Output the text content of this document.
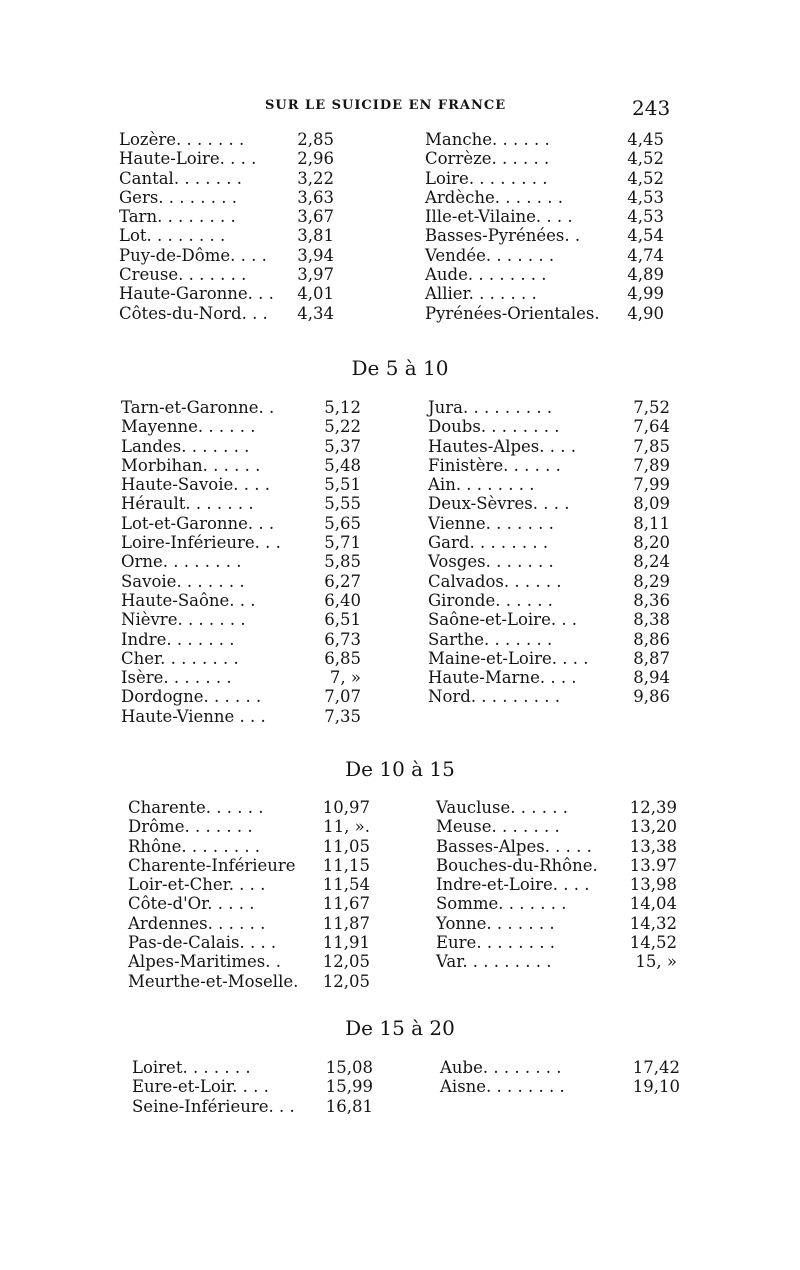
SUR LE SUICIDE EN FRANCE	243
Lozère. . . . . . .	2,85	Manche. . . . . .	4,45
Haute-Loire. . . .	2,96	Corrèze. . . . . .	4,52
Cantal. . . . . . .	3,22	Loire. . . . . . . .	4,52
Gers. . . . . . . .	3,63	Ardèche. . . . . . .	4,53
Tarn. . . . . . . .	3,67	Ille-et-Vilaine. . . .	4,53
Lot. . . . . . . .	3,81	Basses-Pyrénées. .	4,54
Puy-de-Dôme. . . .	3,94	Vendée. . . . . . .	4,74
Creuse. . . . . . .	3,97	Aude. . . . . . . .	4,89
Haute-Garonne. . .	4,01	Allier. . . . . . .	4,99
Côtes-du-Nord. . .	4,34	Pyrénées-Orientales.	4,90
De 5 à 10
Tarn-et-Garonne. .	5,12	Jura. . . . . . . . .	7,52
Mayenne. . . . . .	5,22	Doubs. . . . . . . .	7,64
Landes. . . . . . .	5,37	Hautes-Alpes. . . .	7,85
Morbihan. . . . . .	5,48	Finistère. . . . . .	7,89
Haute-Savoie. . . .	5,51	Ain. . . . . . . .	7,99
Hérault. . . . . . .	5,55	Deux-Sèvres. . . .	8,09
Lot-et-Garonne. . .	5,65	Vienne. . . . . . .	8,11
Loire-Inférieure. . .	5,71	Gard. . . . . . . .	8,20
Orne. . . . . . . .	5,85	Vosges. . . . . . .	8,24
Savoie. . . . . . .	6,27	Calvados. . . . . .	8,29
Haute-Saône. . .	6,40	Gironde. . . . . .	8,36
Nièvre. . . . . . .	6,51	Saône-et-Loire. . .	8,38
Indre. . . . . . .	6,73	Sarthe. . . . . . .	8,86
Cher. . . . . . . .	6,85	Maine-et-Loire. . . .	8,87
Isère. . . . . . .	7, »	Haute-Marne. . . .	8,94
Dordogne. . . . . .	7,07	Nord. . . . . . . . .	9,86
Haute-Vienne . . .	7,35
De 10 à 15
Charente. . . . . .	10,97	Vaucluse. . . . . .	12,39
Drôme. . . . . . .	11, ».	Meuse. . . . . . .	13,20
Rhône. . . . . . . .	11,05	Basses-Alpes. . . . .	13,38
Charente-Inférieure	11,15	Bouches-du-Rhône.	13.97
Loir-et-Cher. . . .	11,54	Indre-et-Loire. . . .	13,98
Côte-d'Or. . . . .	11,67	Somme. . . . . . .	14,04
Ardennes. . . . . .	11,87	Yonne. . . . . . .	14,32
Pas-de-Calais. . . .	11,91	Eure. . . . . . . .	14,52
Alpes-Maritimes. .	12,05	Var. . . . . . . . .	15, »
Meurthe-et-Moselle.	12,05
De 15 à 20
Loiret. . . . . . .	15,08	Aube. . . . . . . .	17,42
Eure-et-Loir. . . .	15,99	Aisne. . . . . . . .	19,10
Seine-Inférieure. . .	16,81
